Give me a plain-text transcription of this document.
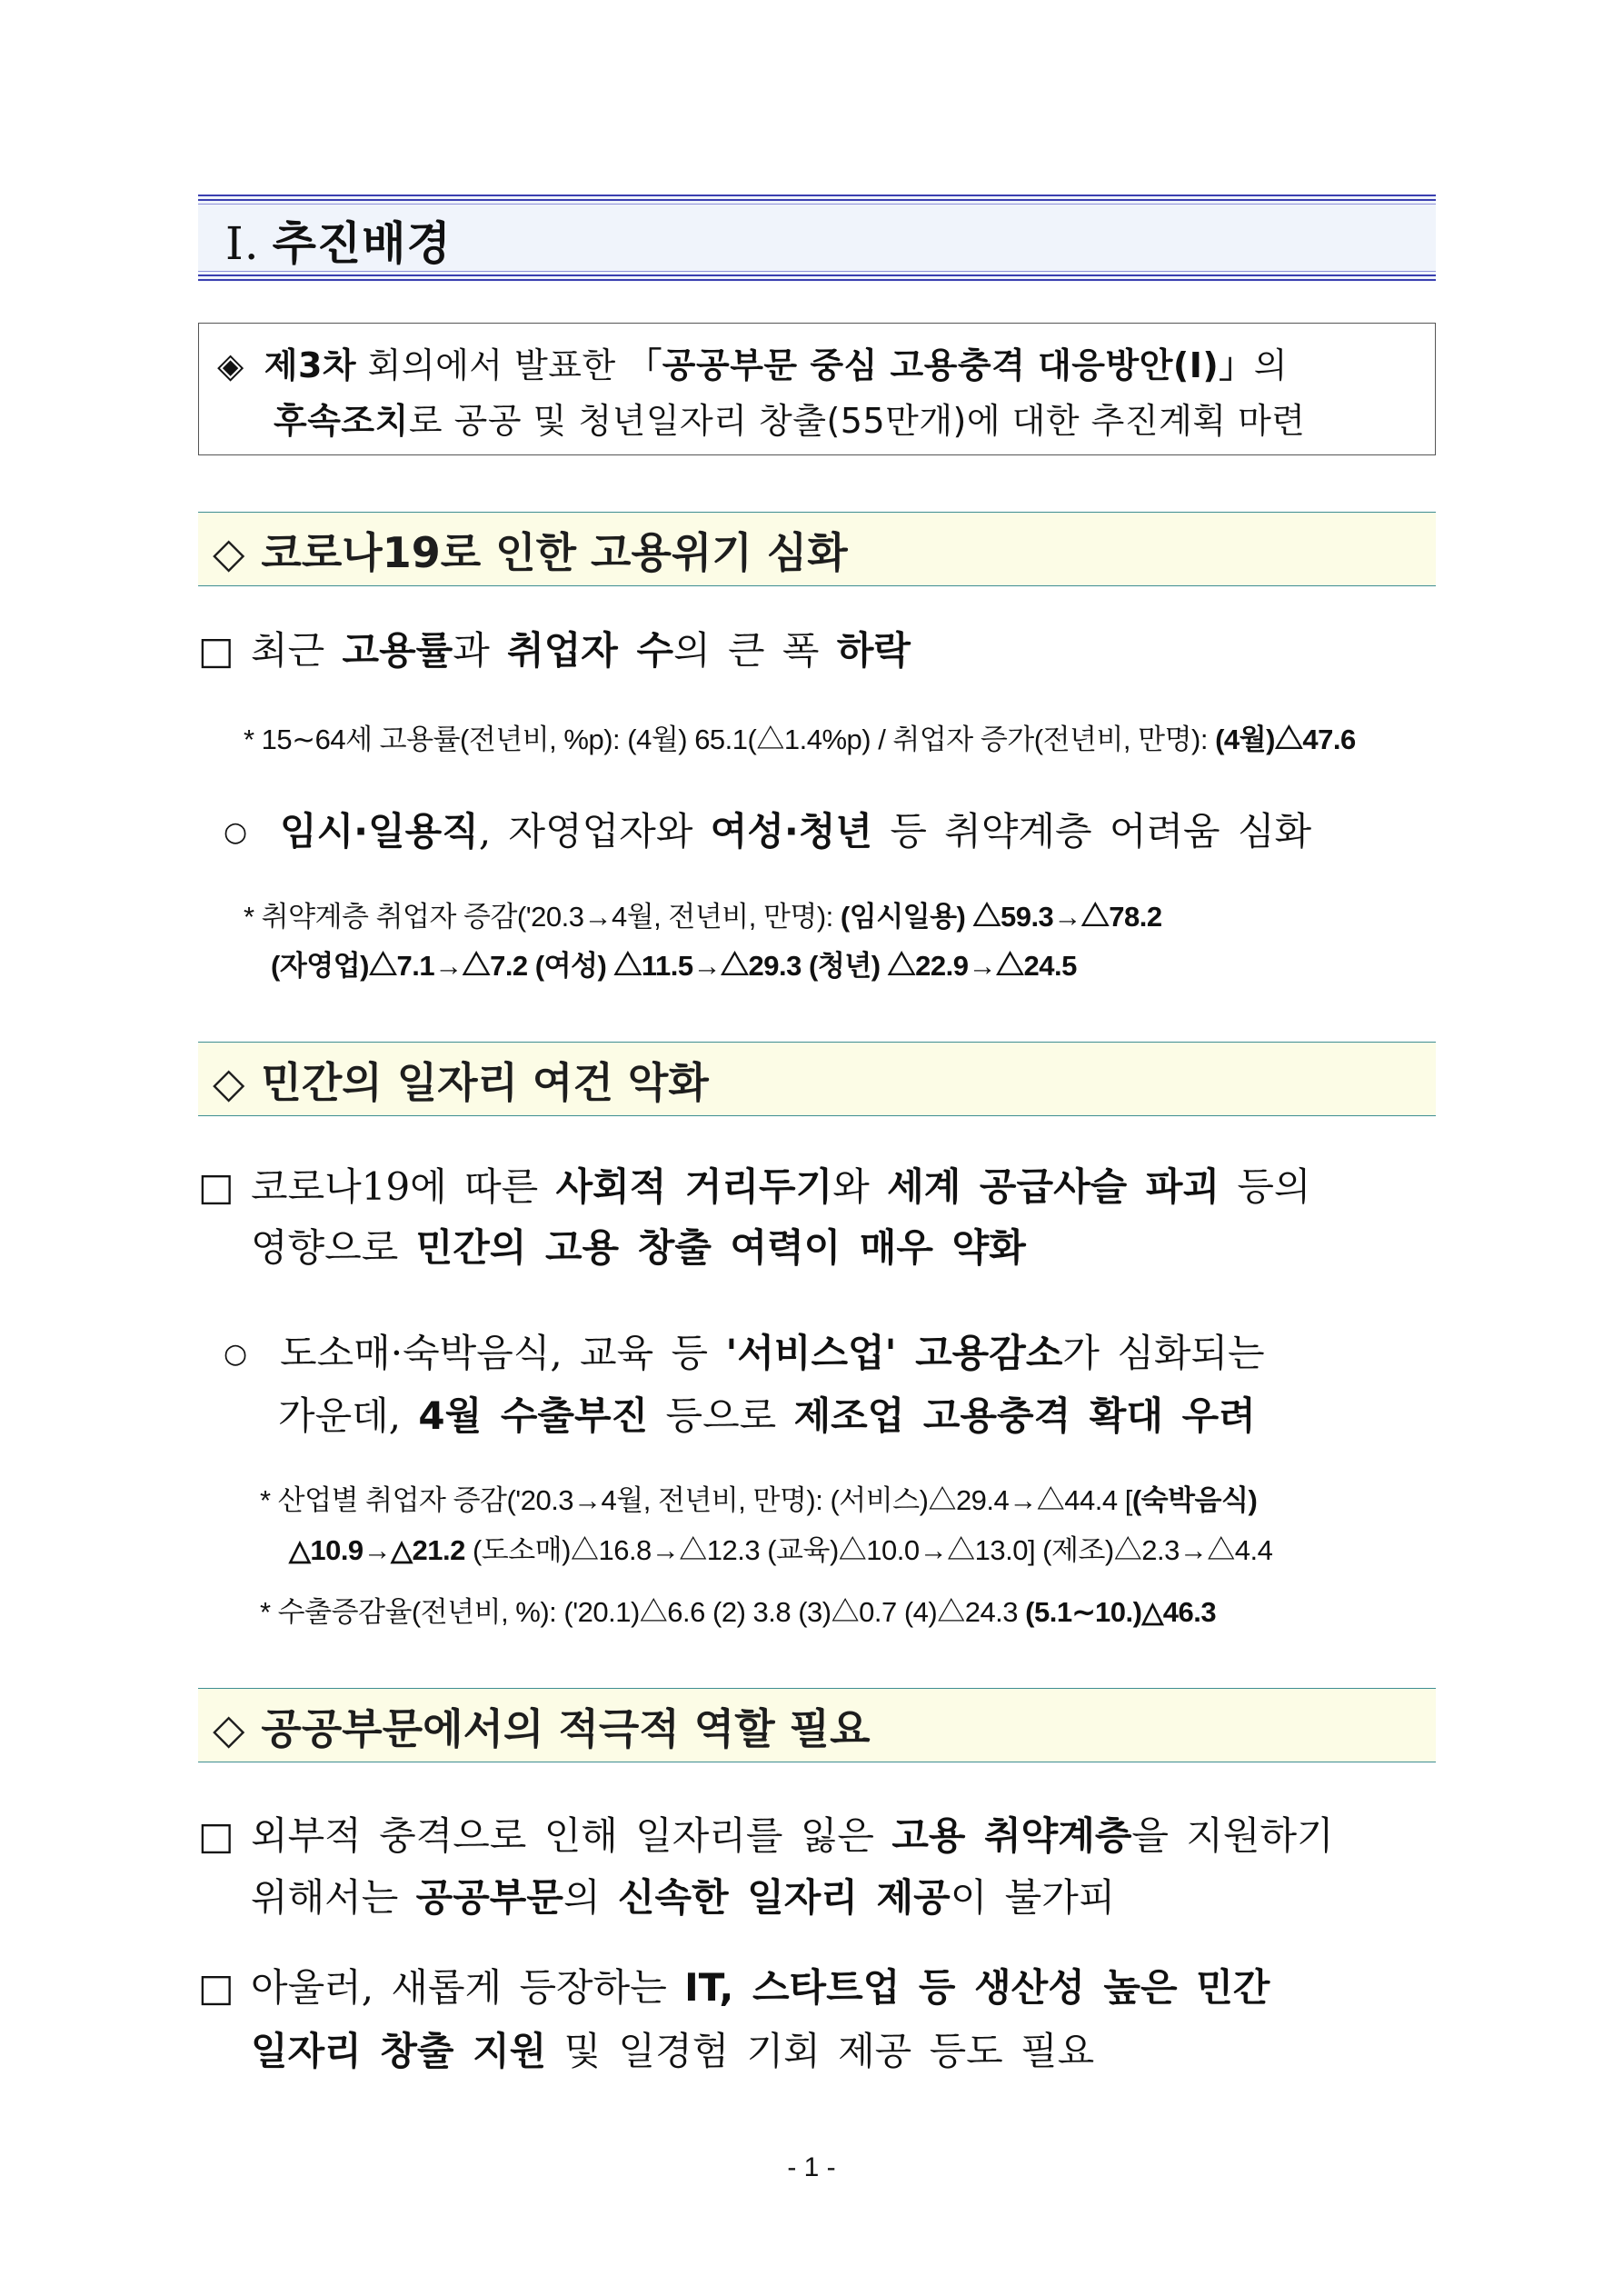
Ⅰ. 추진배경
◈ 제3차 회의에서 발표한 「공공부문 중심 고용충격 대응방안(Ⅰ)」의
후속조치로 공공 및 청년일자리 창출(55만개)에 대한 추진계획 마련
◇ 코로나19로 인한 고용위기 심화
□ 최근 고용률과 취업자 수의 큰 폭 하락
* 15∼64세 고용률(전년비, %p): (4월) 65.1(△1.4%p) / 취업자 증가(전년비, 만명): (4월)△47.6
○ 임시·일용직, 자영업자와 여성·청년 등 취약계층 어려움 심화
* 취약계층 취업자 증감('20.3→4월, 전년비, 만명): (임시일용) △59.3→△78.2
(자영업)△7.1→△7.2 (여성) △11.5→△29.3 (청년) △22.9→△24.5
◇ 민간의 일자리 여건 악화
□ 코로나19에 따른 사회적 거리두기와 세계 공급사슬 파괴 등의
영향으로 민간의 고용 창출 여력이 매우 약화
○ 도소매·숙박음식, 교육 등 '서비스업' 고용감소가 심화되는
가운데, 4월 수출부진 등으로 제조업 고용충격 확대 우려
* 산업별 취업자 증감('20.3→4월, 전년비, 만명): (서비스)△29.4→△44.4 [(숙박음식)
△10.9→△21.2 (도소매)△16.8→△12.3 (교육)△10.0→△13.0] (제조)△2.3→△4.4
* 수출증감율(전년비, %): ('20.1)△6.6 (2) 3.8 (3)△0.7 (4)△24.3 (5.1∼10.)△46.3
◇ 공공부문에서의 적극적 역할 필요
□ 외부적 충격으로 인해 일자리를 잃은 고용 취약계층을 지원하기
위해서는 공공부문의 신속한 일자리 제공이 불가피
□ 아울러, 새롭게 등장하는 IT, 스타트업 등 생산성 높은 민간
일자리 창출 지원 및 일경험 기회 제공 등도 필요
- 1 -
